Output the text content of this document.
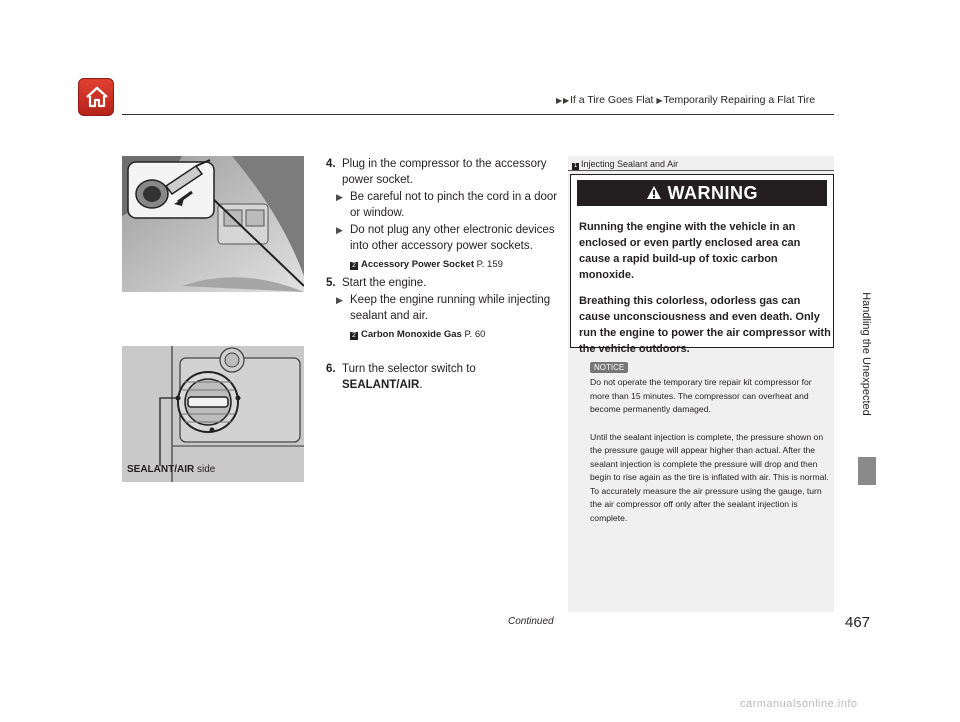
▶▶If a Tire Goes Flat ▶Temporarily Repairing a Flat Tire
Handling the Unexpected
SEALANT/AIR side
4. Plug in the compressor to the accessory power socket.
▶ Be careful not to pinch the cord in a door or window.
▶ Do not plug any other electronic devices into other accessory power sockets.
2 Accessory Power Socket P. 159
5. Start the engine.
▶ Keep the engine running while injecting sealant and air.
2 Carbon Monoxide Gas P. 60
6. Turn the selector switch to SEALANT/AIR.
1 Injecting Sealant and Air
WARNING

Running the engine with the vehicle in an enclosed or even partly enclosed area can cause a rapid build-up of toxic carbon monoxide.

Breathing this colorless, odorless gas can cause unconsciousness and even death. Only run the engine to power the air compressor with the vehicle outdoors.

NOTICE

Do not operate the temporary tire repair kit compressor for more than 15 minutes. The compressor can overheat and become permanently damaged.

Until the sealant injection is complete, the pressure shown on the pressure gauge will appear higher than actual. After the sealant injection is complete the pressure will drop and then begin to rise again as the tire is inflated with air. This is normal. To accurately measure the air pressure using the gauge, turn the air compressor off only after the sealant injection is complete.

Continued	467
carmanualsonline.info
